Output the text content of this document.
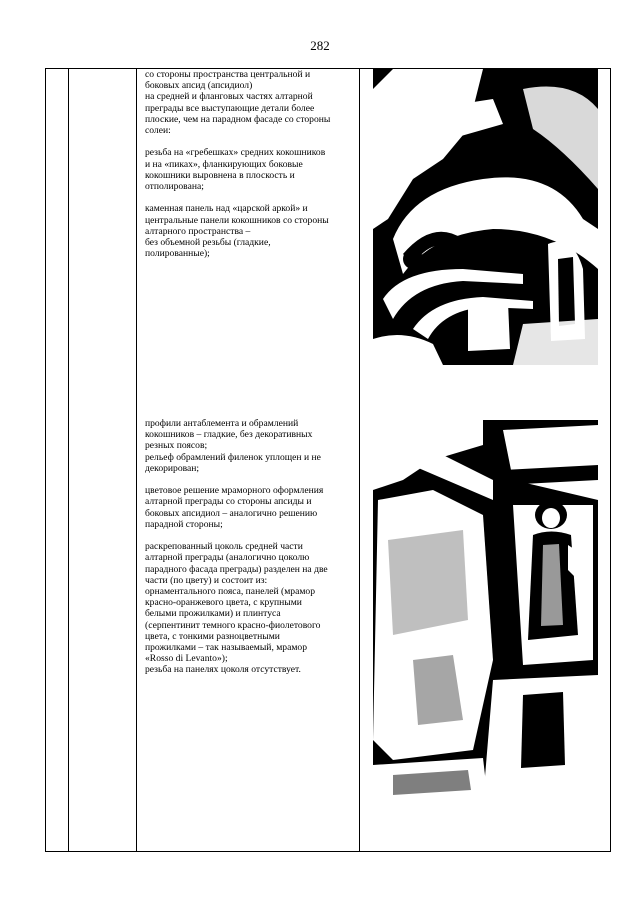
282

со стороны пространства центральной и
боковых апсид (апсидиол)
на средней и фланговых частях алтарной
преграды все выступающие детали более
плоские, чем на парадном фасаде со стороны
солеи:

резьба на «гребешках» средних кокошников
и на «пиках», фланкирующих боковые
кокошники выровнена в плоскость и
отполирована;

каменная панель над «царской аркой» и
центральные панели кокошников со стороны
алтарного пространства –
без объемной резьбы (гладкие,
полированные);

профили антаблемента и обрамлений
кокошников – гладкие, без декоративных
резных поясов;
рельеф обрамлений филенок уплощен и не
декорирован;

цветовое решение мраморного оформления
алтарной преграды со стороны апсиды и
боковых апсидиол – аналогично решению
парадной стороны;

раскрепованный цоколь средней части
алтарной преграды (аналогично цоколю
парадного фасада преграды) разделен на две
части (по цвету) и состоит из:
орнаментального пояса, панелей (мрамор
красно-оранжевого цвета, с крупными
белыми прожилками) и плинтуса
(серпентинит темного красно-фиолетового
цвета, с тонкими разноцветными
прожилками – так называемый, мрамор
«Rosso di Levanto»);
резьба на панелях цоколя отсутствует.
